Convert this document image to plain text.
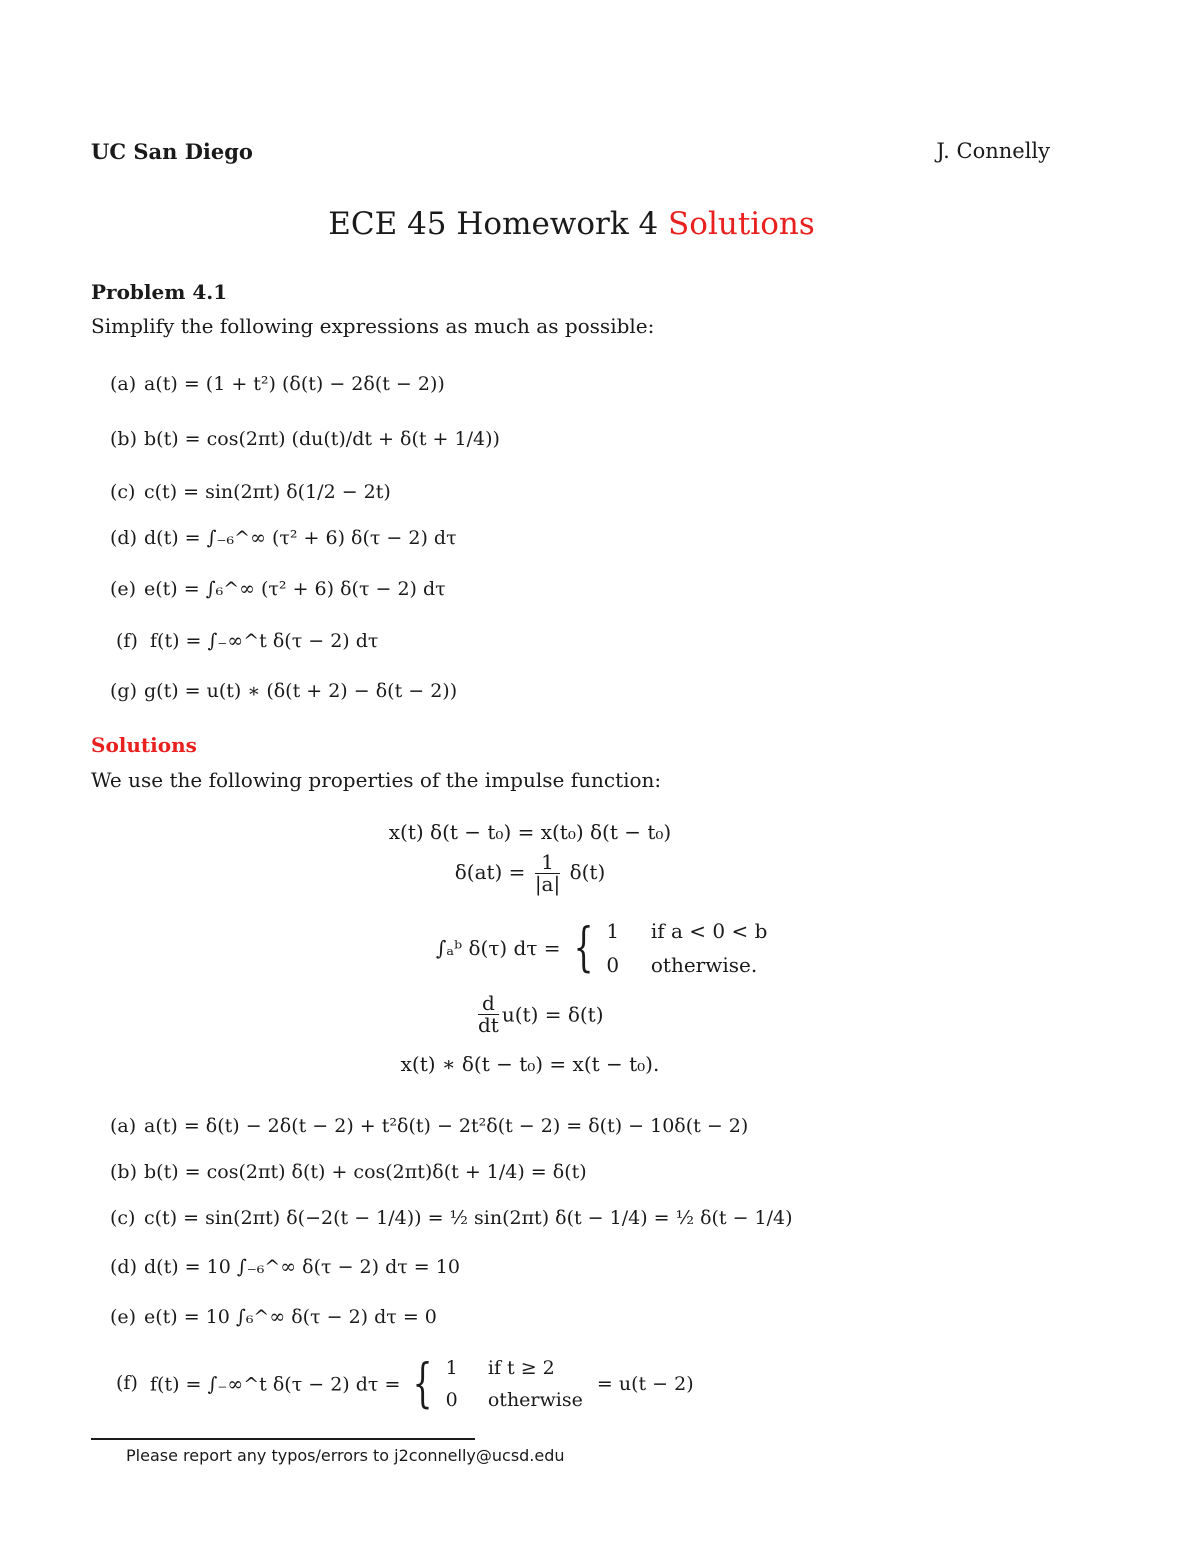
UC San Diego	J. Connelly
ECE 45 Homework 4 Solutions
Problem 4.1
Simplify the following expressions as much as possible:
(a) a(t) = (1 + t²) (δ(t) − 2δ(t − 2))
(b) b(t) = cos(2πt) (du(t)/dt + δ(t + 1/4))
(c) c(t) = sin(2πt) δ(1/2 − 2t)
(d) d(t) = ∫₋₆^∞ (τ² + 6) δ(τ − 2) dτ
(e) e(t) = ∫₆^∞ (τ² + 6) δ(τ − 2) dτ
(f) f(t) = ∫₋∞^t δ(τ − 2) dτ
(g) g(t) = u(t) ∗ (δ(t + 2) − δ(t − 2))
Solutions
We use the following properties of the impulse function:
x(t) δ(t − t₀) = x(t₀) δ(t − t₀)
$\delta(at) = \frac{1}{|a|} \delta(t)$
∫ₐᵇ δ(τ) dτ = { 1     if a < 0 < b
0     otherwise.
$\frac{d}{dt} u(t) = \delta(t)$
x(t) ∗ δ(t − t₀) = x(t − t₀).
(a) a(t) = δ(t) − 2δ(t − 2) + t²δ(t) − 2t²δ(t − 2) = δ(t) − 10δ(t − 2)
(b) b(t) = cos(2πt) δ(t) + cos(2πt)δ(t + 1/4) = δ(t)
(c) c(t) = sin(2πt) δ(−2(t − 1/4)) = ½ sin(2πt) δ(t − 1/4) = ½ δ(t − 1/4)
(d) d(t) = 10 ∫₋₆^∞ δ(τ − 2) dτ = 10
(e) e(t) = 10 ∫₆^∞ δ(τ − 2) dτ = 0
(f) f(t) = ∫₋∞^t δ(τ − 2) dτ = { 1     if t ≥ 2
0     otherwise
= u(t − 2)
Please report any typos/errors to j2connelly@ucsd.edu
